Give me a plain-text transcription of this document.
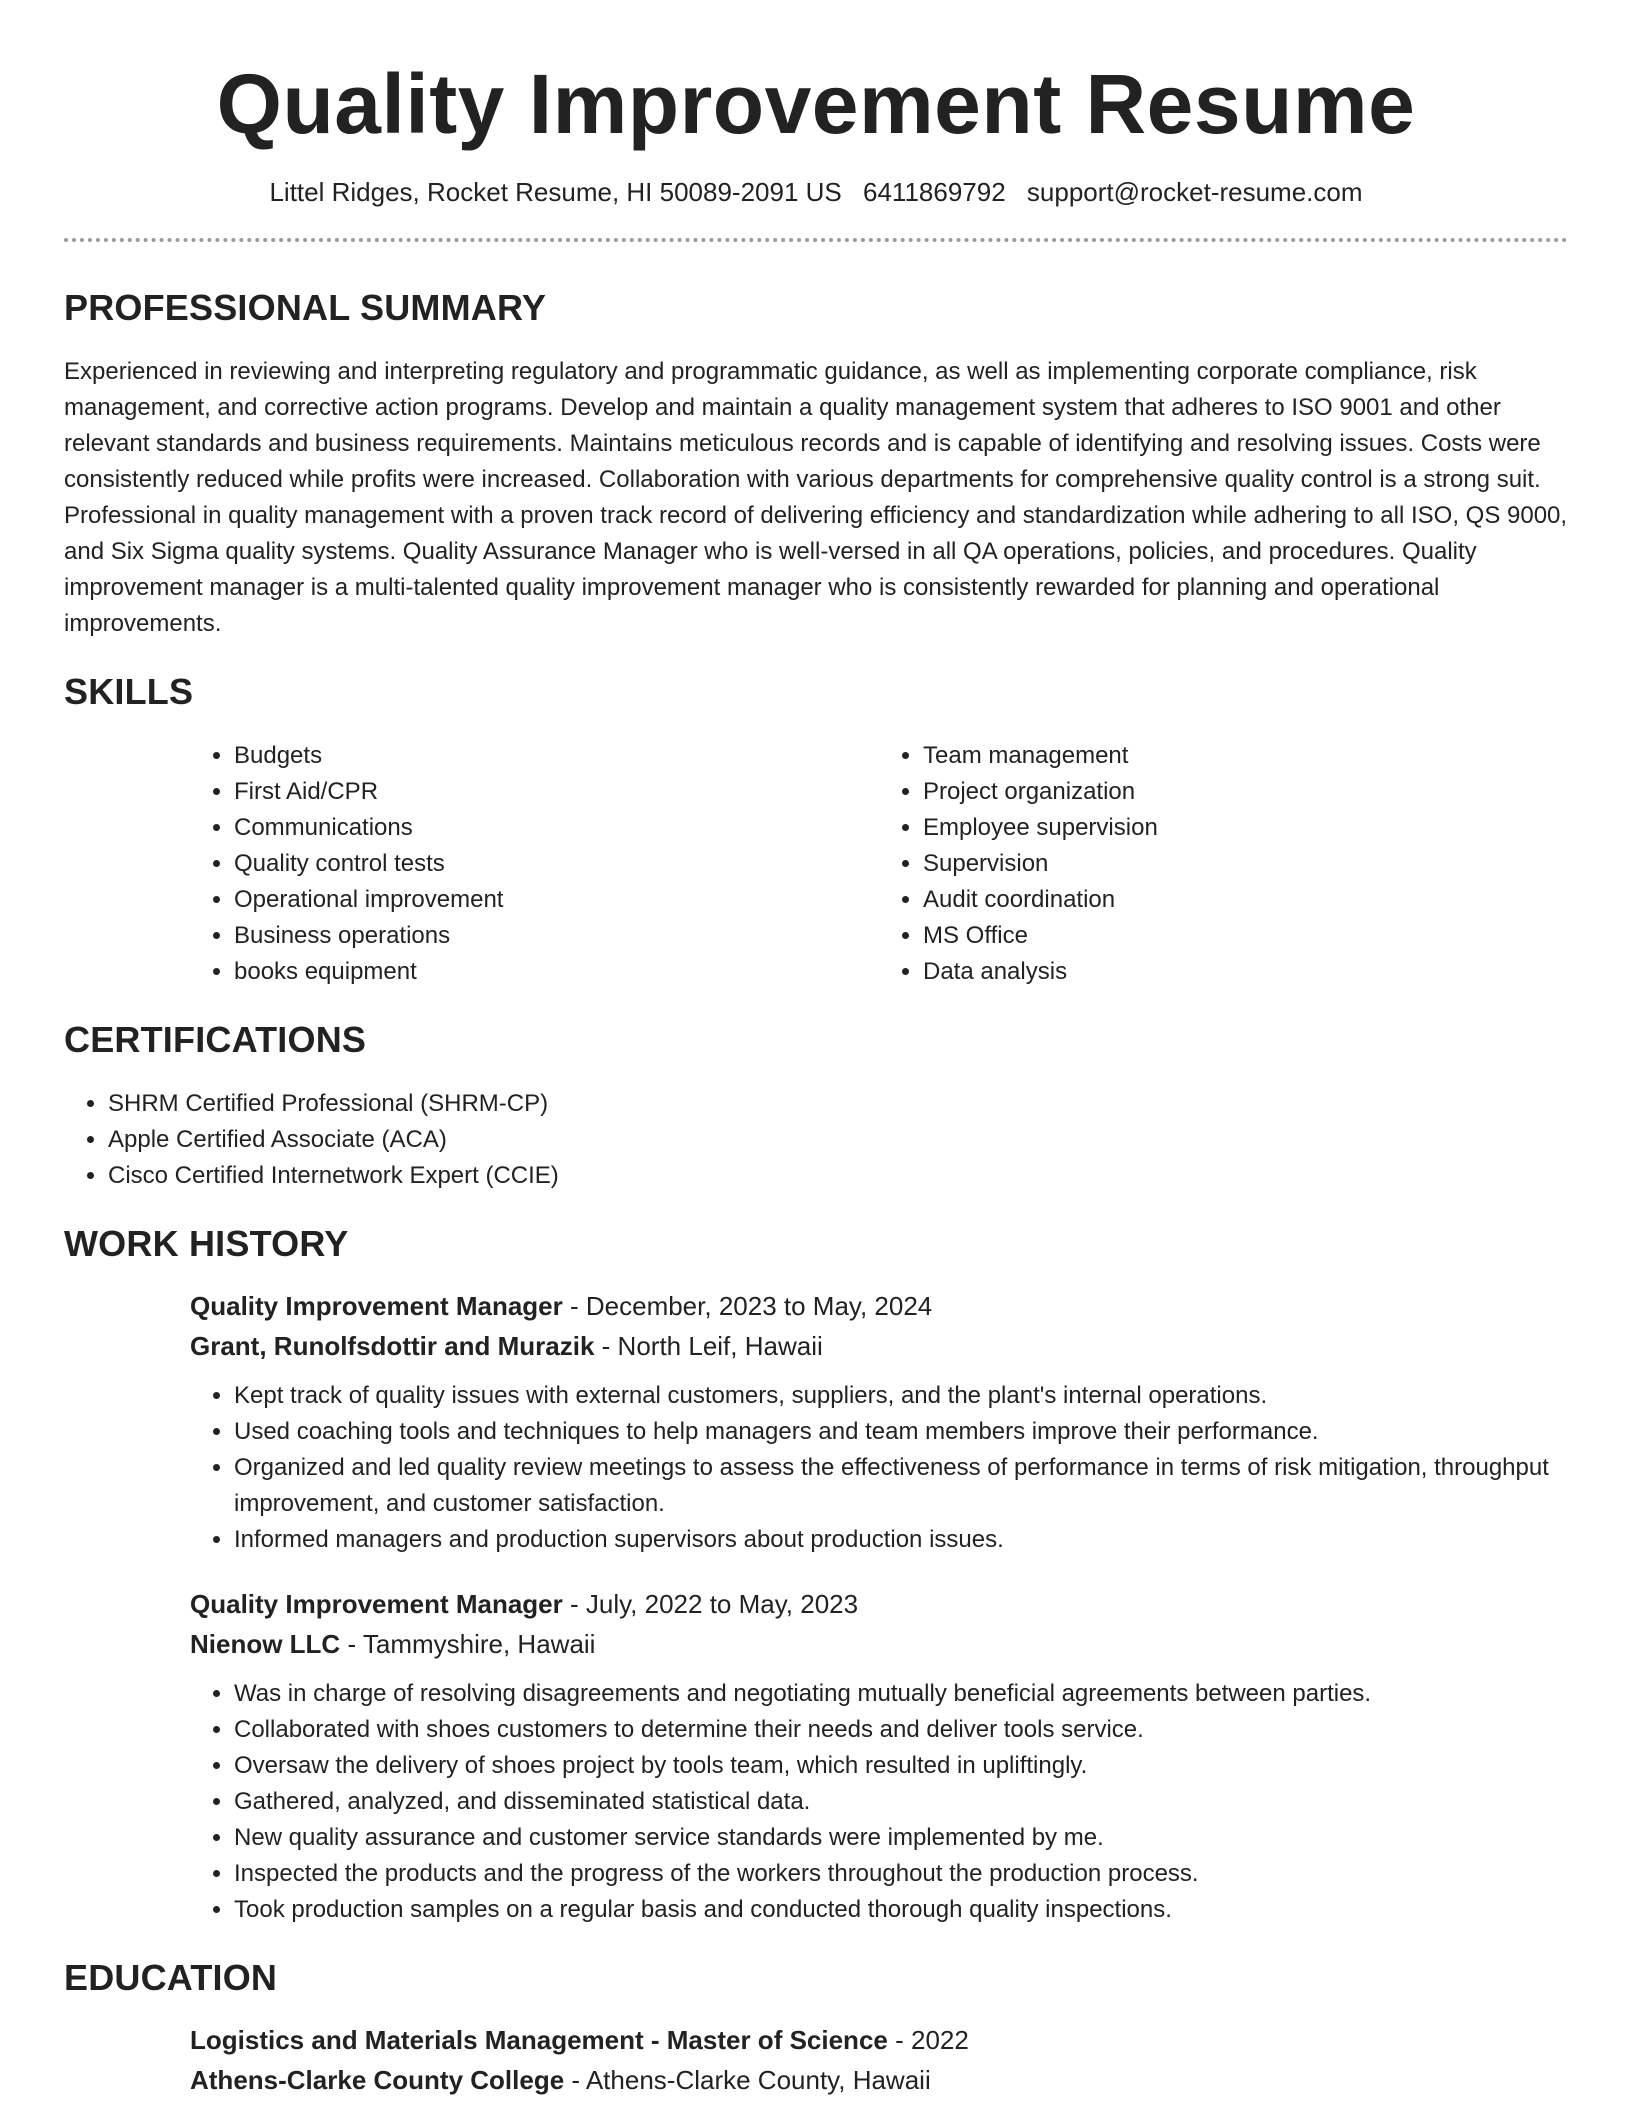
Quality Improvement Resume
Littel Ridges, Rocket Resume, HI 50089-2091 US 6411869792 support@rocket-resume.com
PROFESSIONAL SUMMARY

Experienced in reviewing and interpreting regulatory and programmatic guidance, as well as implementing corporate compliance, risk management, and corrective action programs. Develop and maintain a quality management system that adheres to ISO 9001 and other relevant standards and business requirements. Maintains meticulous records and is capable of identifying and resolving issues. Costs were consistently reduced while profits were increased. Collaboration with various departments for comprehensive quality control is a strong suit. Professional in quality management with a proven track record of delivering efficiency and standardization while adhering to all ISO, QS 9000, and Six Sigma quality systems. Quality Assurance Manager who is well-versed in all QA operations, policies, and procedures. Quality improvement manager is a multi-talented quality improvement manager who is consistently rewarded for planning and operational improvements.

SKILLS
• Budgets
• First Aid/CPR
• Communications
• Quality control tests
• Operational improvement
• Business operations
• books equipment
• Team management
• Project organization
• Employee supervision
• Supervision
• Audit coordination
• MS Office
• Data analysis
CERTIFICATIONS
• SHRM Certified Professional (SHRM-CP)
• Apple Certified Associate (ACA)
• Cisco Certified Internetwork Expert (CCIE)
WORK HISTORY
Quality Improvement Manager - December, 2023 to May, 2024
Grant, Runolfsdottir and Murazik - North Leif, Hawaii
• Kept track of quality issues with external customers, suppliers, and the plant's internal operations.
• Used coaching tools and techniques to help managers and team members improve their performance.
• Organized and led quality review meetings to assess the effectiveness of performance in terms of risk mitigation, throughput improvement, and customer satisfaction.
• Informed managers and production supervisors about production issues.
Quality Improvement Manager - July, 2022 to May, 2023
Nienow LLC - Tammyshire, Hawaii
• Was in charge of resolving disagreements and negotiating mutually beneficial agreements between parties.
• Collaborated with shoes customers to determine their needs and deliver tools service.
• Oversaw the delivery of shoes project by tools team, which resulted in upliftingly.
• Gathered, analyzed, and disseminated statistical data.
• New quality assurance and customer service standards were implemented by me.
• Inspected the products and the progress of the workers throughout the production process.
• Took production samples on a regular basis and conducted thorough quality inspections.
EDUCATION
Logistics and Materials Management - Master of Science - 2022
Athens-Clarke County College - Athens-Clarke County, Hawaii
